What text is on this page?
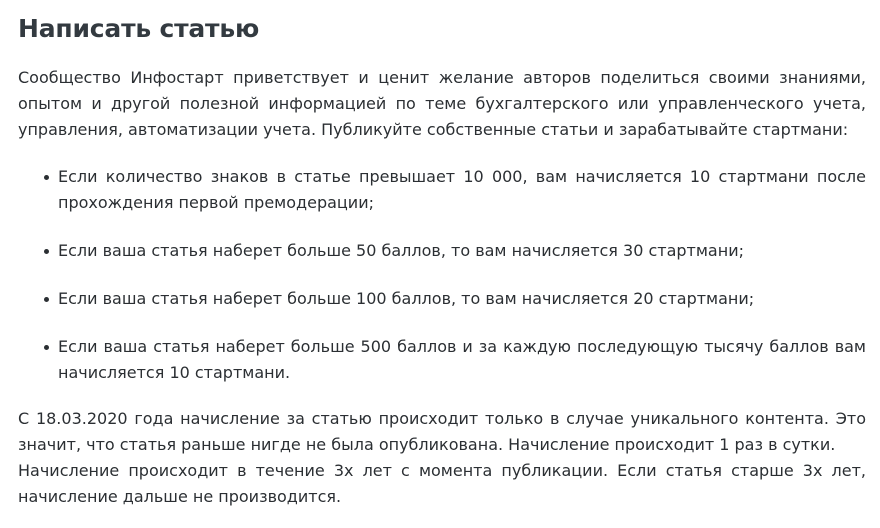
Написать статью

Сообщество Инфостарт приветствует и ценит желание авторов поделиться своими знаниями, опытом и другой полезной информацией по теме бухгалтерского или управленческого учета, управления, автоматизации учета. Публикуйте собственные статьи и зарабатывайте стартмани:

Если количество знаков в статье превышает 10 000, вам начисляется 10 стартмани после прохождения первой премодерации;
Если ваша статья наберет больше 50 баллов, то вам начисляется 30 стартмани;
Если ваша статья наберет больше 100 баллов, то вам начисляется 20 стартмани;
Если ваша статья наберет больше 500 баллов и за каждую последующую тысячу баллов вам начисляется 10 стартмани.

С 18.03.2020 года начисление за статью происходит только в случае уникального контента. Это значит, что статья раньше нигде не была опубликована. Начисление происходит 1 раз в сутки.
Начисление происходит в течение 3х лет с момента публикации. Если статья старше 3х лет, начисление дальше не производится.
